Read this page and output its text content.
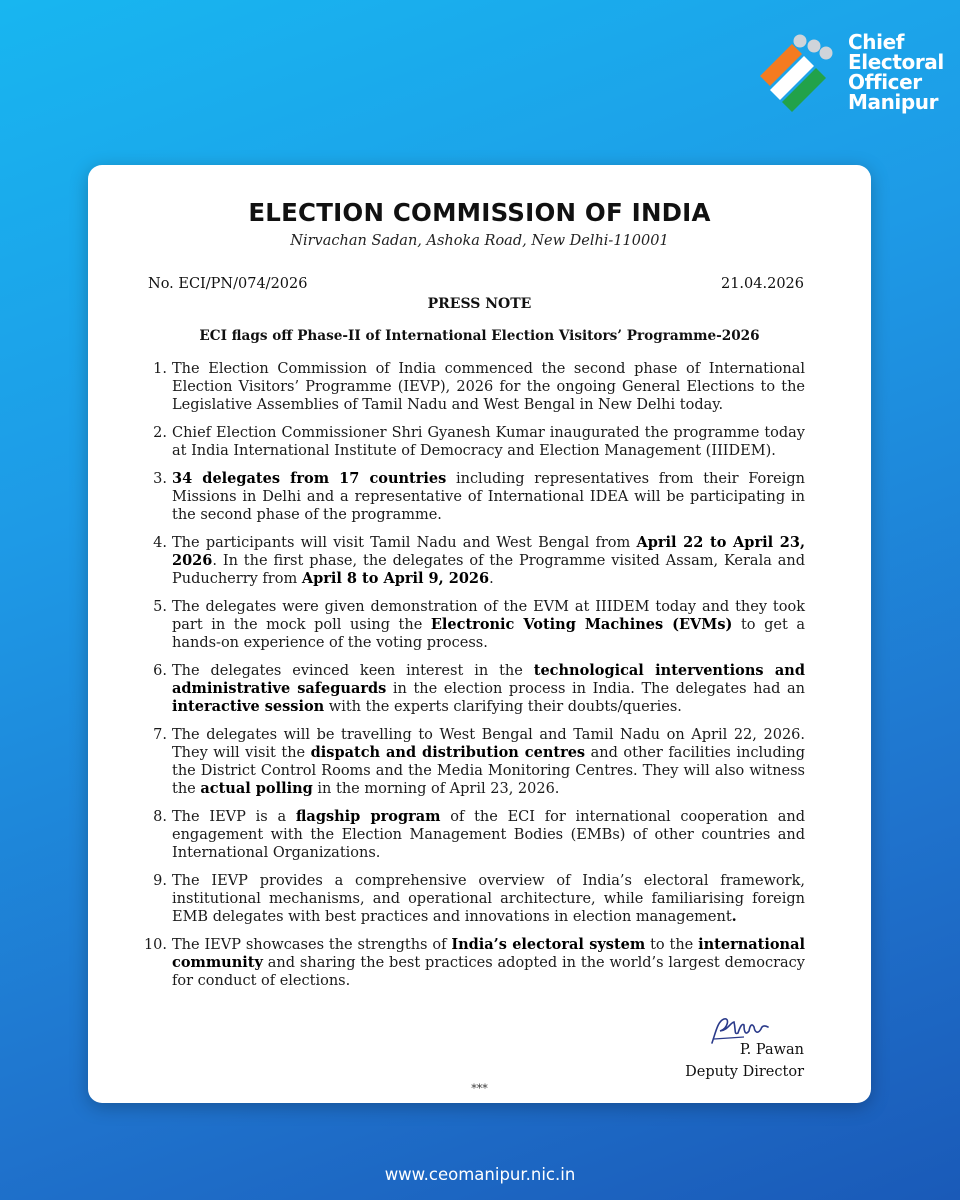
Chief
Electoral
Officer
Manipur
ELECTION COMMISSION OF INDIA
Nirvachan Sadan, Ashoka Road, New Delhi-110001
No. ECI/PN/074/2026	21.04.2026
PRESS NOTE
ECI flags off Phase-II of International Election Visitors’ Programme-2026
1. The Election Commission of India commenced the second phase of International Election Visitors’ Programme (IEVP), 2026 for the ongoing General Elections to the Legislative Assemblies of Tamil Nadu and West Bengal in New Delhi today.
2. Chief Election Commissioner Shri Gyanesh Kumar inaugurated the programme today at India International Institute of Democracy and Election Management (IIIDEM).
3. 34 delegates from 17 countries including representatives from their Foreign Missions in Delhi and a representative of International IDEA will be participating in the second phase of the programme.
4. The participants will visit Tamil Nadu and West Bengal from April 22 to April 23, 2026. In the first phase, the delegates of the Programme visited Assam, Kerala and Puducherry from April 8 to April 9, 2026.
5. The delegates were given demonstration of the EVM at IIIDEM today and they took part in the mock poll using the Electronic Voting Machines (EVMs) to get a hands-on experience of the voting process.
6. The delegates evinced keen interest in the technological interventions and administrative safeguards in the election process in India. The delegates had an interactive session with the experts clarifying their doubts/queries.
7. The delegates will be travelling to West Bengal and Tamil Nadu on April 22, 2026. They will visit the dispatch and distribution centres and other facilities including the District Control Rooms and the Media Monitoring Centres. They will also witness the actual polling in the morning of April 23, 2026.
8. The IEVP is a flagship program of the ECI for international cooperation and engagement with the Election Management Bodies (EMBs) of other countries and International Organizations.
9. The IEVP provides a comprehensive overview of India’s electoral framework, institutional mechanisms, and operational architecture, while familiarising foreign EMB delegates with best practices and innovations in election management.
10. The IEVP showcases the strengths of India’s electoral system to the international community and sharing the best practices adopted in the world’s largest democracy for conduct of elections.
P. Pawan
Deputy Director
***
www.ceomanipur.nic.in
